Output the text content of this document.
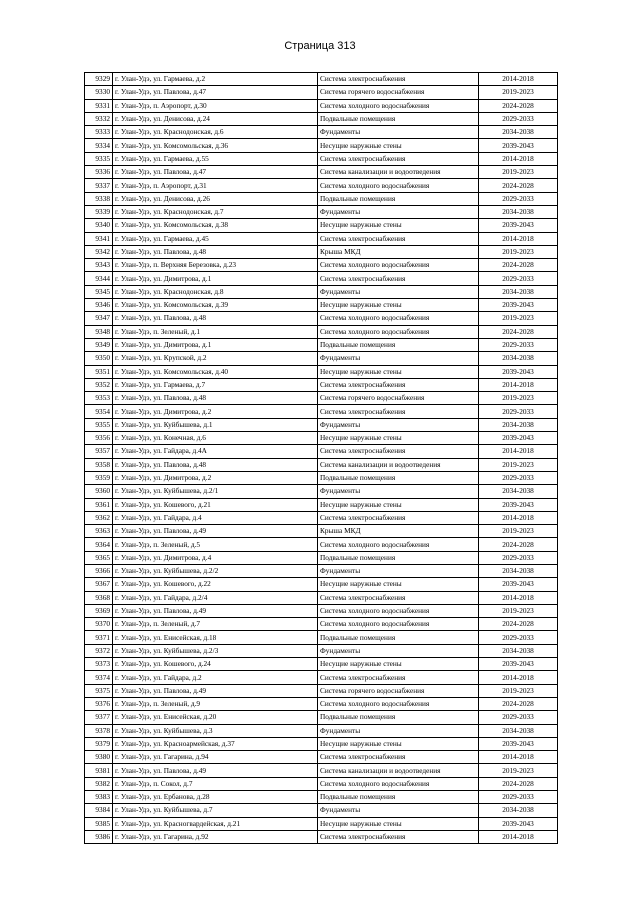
Страница 313
9329	г. Улан-Удэ, ул. Гармаева, д.2	Система электроснабжения	2014-2018
9330	г. Улан-Удэ, ул. Павлова, д.47	Система горячего водоснабжения	2019-2023
9331	г. Улан-Удэ, п. Аэропорт, д.30	Система холодного водоснабжения	2024-2028
9332	г. Улан-Удэ, ул. Денисова, д.24	Подвальные помещения	2029-2033
9333	г. Улан-Удэ, ул. Краснодонская, д.6	Фундаменты	2034-2038
9334	г. Улан-Удэ, ул. Комсомольская, д.36	Несущие наружные стены	2039-2043
9335	г. Улан-Удэ, ул. Гармаева, д.55	Система электроснабжения	2014-2018
9336	г. Улан-Удэ, ул. Павлова, д.47	Система канализации и водоотведения	2019-2023
9337	г. Улан-Удэ, п. Аэропорт, д.31	Система холодного водоснабжения	2024-2028
9338	г. Улан-Удэ, ул. Денисова, д.26	Подвальные помещения	2029-2033
9339	г. Улан-Удэ, ул. Краснодонская, д.7	Фундаменты	2034-2038
9340	г. Улан-Удэ, ул. Комсомольская, д.38	Несущие наружные стены	2039-2043
9341	г. Улан-Удэ, ул. Гармаева, д.45	Система электроснабжения	2014-2018
9342	г. Улан-Удэ, ул. Павлова, д.48	Крыша МКД	2019-2023
9343	г. Улан-Удэ, п. Верхняя Березовка, д.23	Система холодного водоснабжения	2024-2028
9344	г. Улан-Удэ, ул. Димитрова, д.1	Система электроснабжения	2029-2033
9345	г. Улан-Удэ, ул. Краснодонская, д.8	Фундаменты	2034-2038
9346	г. Улан-Удэ, ул. Комсомольская, д.39	Несущие наружные стены	2039-2043
9347	г. Улан-Удэ, ул. Павлова, д.48	Система холодного водоснабжения	2019-2023
9348	г. Улан-Удэ, п. Зеленый, д.1	Система холодного водоснабжения	2024-2028
9349	г. Улан-Удэ, ул. Димитрова, д.1	Подвальные помещения	2029-2033
9350	г. Улан-Удэ, ул. Крупской, д.2	Фундаменты	2034-2038
9351	г. Улан-Удэ, ул. Комсомольская, д.40	Несущие наружные стены	2039-2043
9352	г. Улан-Удэ, ул. Гармаева, д.7	Система электроснабжения	2014-2018
9353	г. Улан-Удэ, ул. Павлова, д.48	Система горячего водоснабжения	2019-2023
9354	г. Улан-Удэ, ул. Димитрова, д.2	Система электроснабжения	2029-2033
9355	г. Улан-Удэ, ул. Куйбышева, д.1	Фундаменты	2034-2038
9356	г. Улан-Удэ, ул. Конечная, д.6	Несущие наружные стены	2039-2043
9357	г. Улан-Удэ, ул. Гайдара, д.4А	Система электроснабжения	2014-2018
9358	г. Улан-Удэ, ул. Павлова, д.48	Система канализации и водоотведения	2019-2023
9359	г. Улан-Удэ, ул. Димитрова, д.2	Подвальные помещения	2029-2033
9360	г. Улан-Удэ, ул. Куйбышева, д.2/1	Фундаменты	2034-2038
9361	г. Улан-Удэ, ул. Кошевого, д.21	Несущие наружные стены	2039-2043
9362	г. Улан-Удэ, ул. Гайдара, д.4	Система электроснабжения	2014-2018
9363	г. Улан-Удэ, ул. Павлова, д.49	Крыша МКД	2019-2023
9364	г. Улан-Удэ, п. Зеленый, д.5	Система холодного водоснабжения	2024-2028
9365	г. Улан-Удэ, ул. Димитрова, д.4	Подвальные помещения	2029-2033
9366	г. Улан-Удэ, ул. Куйбышева, д.2/2	Фундаменты	2034-2038
9367	г. Улан-Удэ, ул. Кошевого, д.22	Несущие наружные стены	2039-2043
9368	г. Улан-Удэ, ул. Гайдара, д.2/4	Система электроснабжения	2014-2018
9369	г. Улан-Удэ, ул. Павлова, д.49	Система холодного водоснабжения	2019-2023
9370	г. Улан-Удэ, п. Зеленый, д.7	Система холодного водоснабжения	2024-2028
9371	г. Улан-Удэ, ул. Енисейская, д.18	Подвальные помещения	2029-2033
9372	г. Улан-Удэ, ул. Куйбышева, д.2/3	Фундаменты	2034-2038
9373	г. Улан-Удэ, ул. Кошевого, д.24	Несущие наружные стены	2039-2043
9374	г. Улан-Удэ, ул. Гайдара, д.2	Система электроснабжения	2014-2018
9375	г. Улан-Удэ, ул. Павлова, д.49	Система горячего водоснабжения	2019-2023
9376	г. Улан-Удэ, п. Зеленый, д.9	Система холодного водоснабжения	2024-2028
9377	г. Улан-Удэ, ул. Енисейская, д.20	Подвальные помещения	2029-2033
9378	г. Улан-Удэ, ул. Куйбышева, д.3	Фундаменты	2034-2038
9379	г. Улан-Удэ, ул. Красноармейская, д.37	Несущие наружные стены	2039-2043
9380	г. Улан-Удэ, ул. Гагарина, д.94	Система электроснабжения	2014-2018
9381	г. Улан-Удэ, ул. Павлова, д.49	Система канализации и водоотведения	2019-2023
9382	г. Улан-Удэ, п. Сокол, д.7	Система холодного водоснабжения	2024-2028
9383	г. Улан-Удэ, ул. Ербанова, д.28	Подвальные помещения	2029-2033
9384	г. Улан-Удэ, ул. Куйбышева, д.7	Фундаменты	2034-2038
9385	г. Улан-Удэ, ул. Красногвардейская, д.21	Несущие наружные стены	2039-2043
9386	г. Улан-Удэ, ул. Гагарина, д.92	Система электроснабжения	2014-2018
